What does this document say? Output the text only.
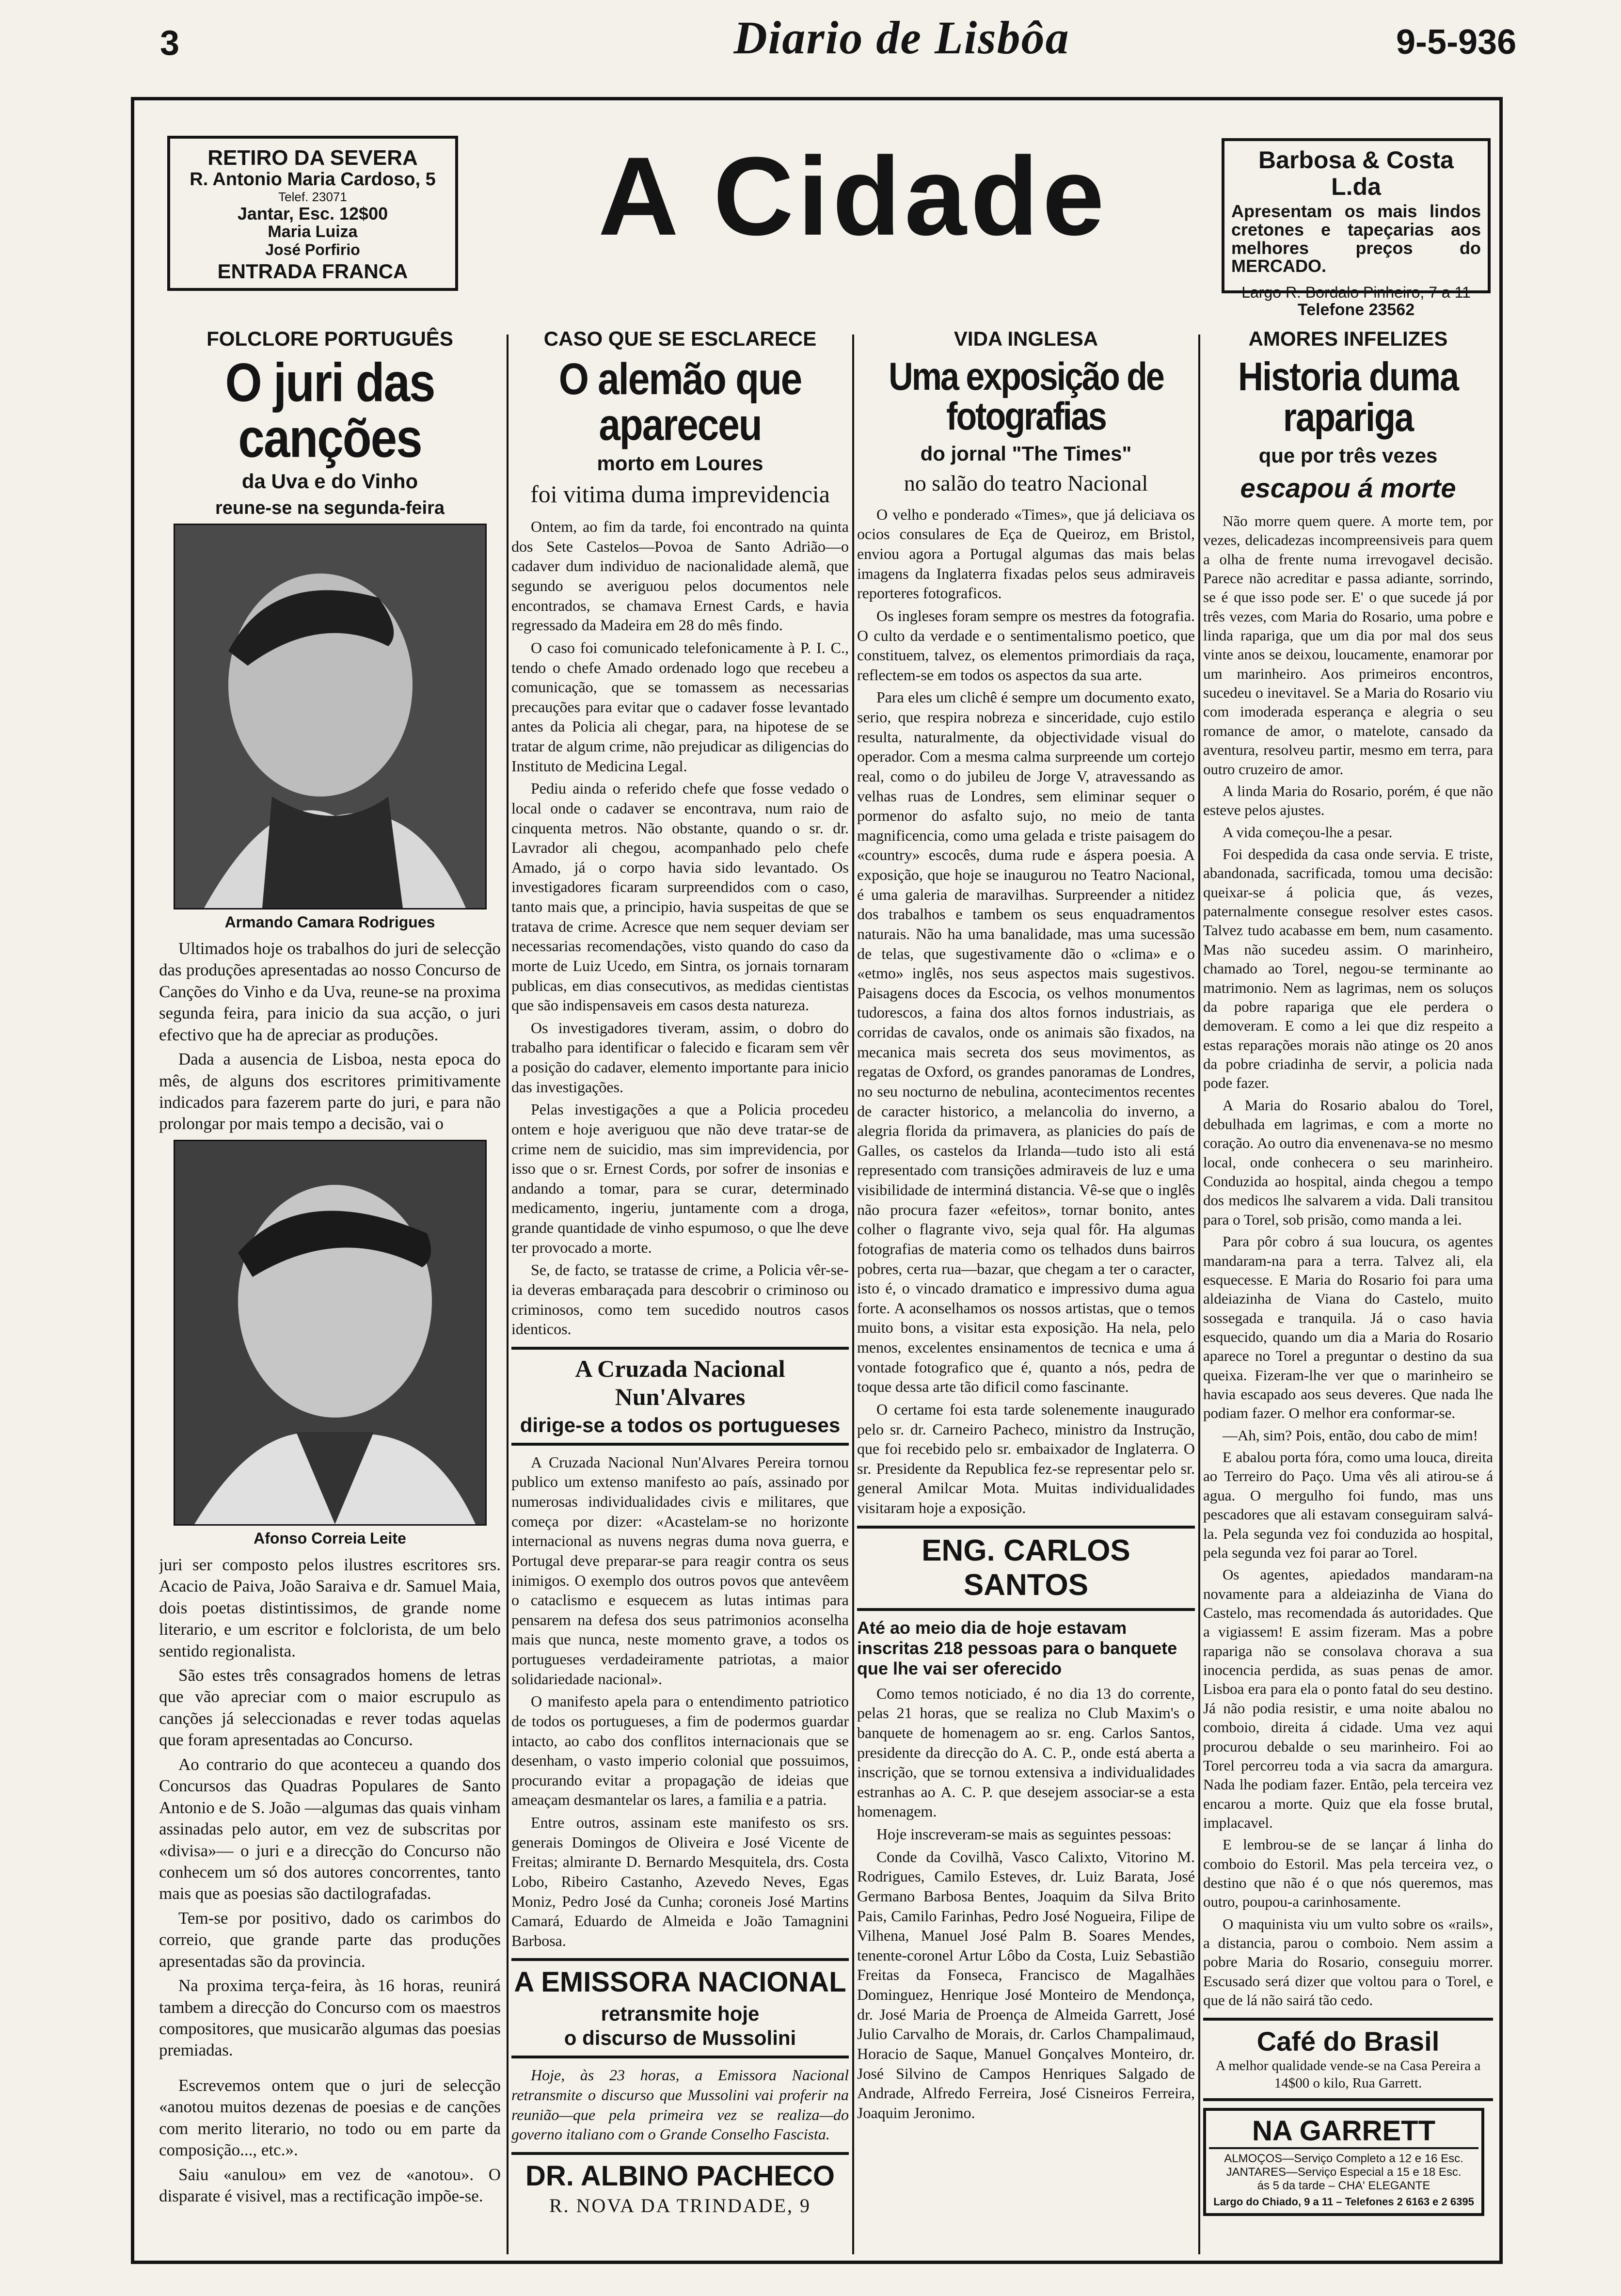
3	Diario de Lisbôa	9-5-936
RETIRO DA SEVERA
R. Antonio Maria Cardoso, 5
Telef. 23071
Jantar, Esc. 12$00
Maria Luiza
José Porfirio
ENTRADA FRANCA
A Cidade	Barbosa & Costa L.da
Apresentam os mais lindos cretones e tapeçarias aos melhores preços do MERCADO.
Largo R. Bordalo Pinheiro, 7 a 11
Telefone 23562
FOLCLORE PORTUGUÊS
O juri das canções
da Uva e do Vinho
reune-se na segunda-feira
Armando Camara Rodrigues

Ultimados hoje os trabalhos do juri de selecção das produções apresentadas ao nosso Concurso de Canções do Vinho e da Uva, reune-se na proxima segunda feira, para inicio da sua acção, o juri efectivo que ha de apreciar as produções.

Dada a ausencia de Lisboa, nesta epoca do mês, de alguns dos escritores primitivamente indicados para fazerem parte do juri, e para não prolongar por mais tempo a decisão, vai o

Afonso Correia Leite

juri ser composto pelos ilustres escritores srs. Acacio de Paiva, João Saraiva e dr. Samuel Maia, dois poetas distintissimos, de grande nome literario, e um escritor e folclorista, de um belo sentido regionalista.

São estes três consagrados homens de letras que vão apreciar com o maior escrupulo as canções já seleccionadas e rever todas aquelas que foram apresentadas ao Concurso.

Ao contrario do que aconteceu a quando dos Concursos das Quadras Populares de Santo Antonio e de S. João —algumas das quais vinham assinadas pelo autor, em vez de subscritas por «divisa»— o juri e a direcção do Concurso não conhecem um só dos autores concorrentes, tanto mais que as poesias são dactilografadas.

Tem-se por positivo, dado os carimbos do correio, que grande parte das produções apresentadas são da provincia.

Na proxima terça-feira, às 16 horas, reunirá tambem a direcção do Concurso com os maestros compositores, que musicarão algumas das poesias premiadas.

Escrevemos ontem que o juri de selecção «anotou muitos dezenas de poesias e de canções com merito literario, no todo ou em parte da composição..., etc.».

Saiu «anulou» em vez de «anotou». O disparate é visivel, mas a rectificação impõe-se.

CASO QUE SE ESCLARECE
O alemão que apareceu
morto em Loures
foi vitima duma imprevidencia

Ontem, ao fim da tarde, foi encontrado na quinta dos Sete Castelos—Povoa de Santo Adrião—o cadaver dum individuo de nacionalidade alemã, que segundo se averiguou pelos documentos nele encontrados, se chamava Ernest Cards, e havia regressado da Madeira em 28 do mês findo.

O caso foi comunicado telefonicamente à P. I. C., tendo o chefe Amado ordenado logo que recebeu a comunicação, que se tomassem as necessarias precauções para evitar que o cadaver fosse levantado antes da Policia ali chegar, para, na hipotese de se tratar de algum crime, não prejudicar as diligencias do Instituto de Medicina Legal.

Pediu ainda o referido chefe que fosse vedado o local onde o cadaver se encontrava, num raio de cinquenta metros. Não obstante, quando o sr. dr. Lavrador ali chegou, acompanhado pelo chefe Amado, já o corpo havia sido levantado. Os investigadores ficaram surpreendidos com o caso, tanto mais que, a principio, havia suspeitas de que se tratava de crime. Acresce que nem sequer deviam ser necessarias recomendações, visto quando do caso da morte de Luiz Ucedo, em Sintra, os jornais tornaram publicas, em dias consecutivos, as medidas cientistas que são indispensaveis em casos desta natureza.

Os investigadores tiveram, assim, o dobro do trabalho para identificar o falecido e ficaram sem vêr a posição do cadaver, elemento importante para inicio das investigações.

Pelas investigações a que a Policia procedeu ontem e hoje averiguou que não deve tratar-se de crime nem de suicidio, mas sim imprevidencia, por isso que o sr. Ernest Cords, por sofrer de insonias e andando a tomar, para se curar, determinado medicamento, ingeriu, juntamente com a droga, grande quantidade de vinho espumoso, o que lhe deve ter provocado a morte.

Se, de facto, se tratasse de crime, a Policia vêr-se-ia deveras embaraçada para descobrir o criminoso ou criminosos, como tem sucedido noutros casos identicos.

A Cruzada Nacional Nun'Alvares
dirige-se a todos os portugueses

A Cruzada Nacional Nun'Alvares Pereira tornou publico um extenso manifesto ao país, assinado por numerosas individualidades civis e militares, que começa por dizer: «Acastelam-se no horizonte internacional as nuvens negras duma nova guerra, e Portugal deve preparar-se para reagir contra os seus inimigos. O exemplo dos outros povos que antevêem o cataclismo e esquecem as lutas intimas para pensarem na defesa dos seus patrimonios aconselha mais que nunca, neste momento grave, a todos os portugueses verdadeiramente patriotas, a maior solidariedade nacional».

O manifesto apela para o entendimento patriotico de todos os portugueses, a fim de podermos guardar intacto, ao cabo dos conflitos internacionais que se desenham, o vasto imperio colonial que possuimos, procurando evitar a propagação de ideias que ameaçam desmantelar os lares, a familia e a patria.

Entre outros, assinam este manifesto os srs. generais Domingos de Oliveira e José Vicente de Freitas; almirante D. Bernardo Mesquitela, drs. Costa Lobo, Ribeiro Castanho, Azevedo Neves, Egas Moniz, Pedro José da Cunha; coroneis José Martins Camará, Eduardo de Almeida e João Tamagnini Barbosa.

A EMISSORA NACIONAL
retransmite hoje
o discurso de Mussolini

Hoje, às 23 horas, a Emissora Nacional retransmite o discurso que Mussolini vai proferir na reunião—que pela primeira vez se realiza—do governo italiano com o Grande Conselho Fascista.

DR. ALBINO PACHECO
R. NOVA DA TRINDADE, 9
VIDA INGLESA
Uma exposição de fotografias
do jornal "The Times"
no salão do teatro Nacional

O velho e ponderado «Times», que já deliciava os ocios consulares de Eça de Queiroz, em Bristol, enviou agora a Portugal algumas das mais belas imagens da Inglaterra fixadas pelos seus admiraveis reporteres fotograficos.

Os ingleses foram sempre os mestres da fotografia. O culto da verdade e o sentimentalismo poetico, que constituem, talvez, os elementos primordiais da raça, reflectem-se em todos os aspectos da sua arte.

Para eles um clichê é sempre um documento exato, serio, que respira nobreza e sinceridade, cujo estilo resulta, naturalmente, da objectividade visual do operador. Com a mesma calma surpreende um cortejo real, como o do jubileu de Jorge V, atravessando as velhas ruas de Londres, sem eliminar sequer o pormenor do asfalto sujo, no meio de tanta magnificencia, como uma gelada e triste paisagem do «country» escocês, duma rude e áspera poesia. A exposição, que hoje se inaugurou no Teatro Nacional, é uma galeria de maravilhas. Surpreender a nitidez dos trabalhos e tambem os seus enquadramentos naturais. Não ha uma banalidade, mas uma sucessão de telas, que sugestivamente dão o «clima» e o «etmo» inglês, nos seus aspectos mais sugestivos. Paisagens doces da Escocia, os velhos monumentos tudorescos, a faina dos altos fornos industriais, as corridas de cavalos, onde os animais são fixados, na mecanica mais secreta dos seus movimentos, as regatas de Oxford, os grandes panoramas de Londres, no seu nocturno de nebulina, acontecimentos recentes de caracter historico, a melancolia do inverno, a alegria florida da primavera, as planicies do país de Galles, os castelos da Irlanda—tudo isto ali está representado com transições admiraveis de luz e uma visibilidade de interminá distancia. Vê-se que o inglês não procura fazer «efeitos», tornar bonito, antes colher o flagrante vivo, seja qual fôr. Ha algumas fotografias de materia como os telhados duns bairros pobres, certa rua—bazar, que chegam a ter o caracter, isto é, o vincado dramatico e impressivo duma agua forte. A aconselhamos os nossos artistas, que o temos muito bons, a visitar esta exposição. Ha nela, pelo menos, excelentes ensinamentos de tecnica e uma á vontade fotografico que é, quanto a nós, pedra de toque dessa arte tão dificil como fascinante.

O certame foi esta tarde solenemente inaugurado pelo sr. dr. Carneiro Pacheco, ministro da Instrução, que foi recebido pelo sr. embaixador de Inglaterra. O sr. Presidente da Republica fez-se representar pelo sr. general Amilcar Mota. Muitas individualidades visitaram hoje a exposição.

ENG. CARLOS SANTOS
Até ao meio dia de hoje estavam inscritas 218 pessoas para o banquete que lhe vai ser oferecido

Como temos noticiado, é no dia 13 do corrente, pelas 21 horas, que se realiza no Club Maxim's o banquete de homenagem ao sr. eng. Carlos Santos, presidente da direcção do A. C. P., onde está aberta a inscrição, que se tornou extensiva a individualidades estranhas ao A. C. P. que desejem associar-se a esta homenagem.

Hoje inscreveram-se mais as seguintes pessoas:

Conde da Covilhã, Vasco Calixto, Vitorino M. Rodrigues, Camilo Esteves, dr. Luiz Barata, José Germano Barbosa Bentes, Joaquim da Silva Brito Pais, Camilo Farinhas, Pedro José Nogueira, Filipe de Vilhena, Manuel José Palm B. Soares Mendes, tenente-coronel Artur Lôbo da Costa, Luiz Sebastião Freitas da Fonseca, Francisco de Magalhães Dominguez, Henrique José Monteiro de Mendonça, dr. José Maria de Proença de Almeida Garrett, José Julio Carvalho de Morais, dr. Carlos Champalimaud, Horacio de Saque, Manuel Gonçalves Monteiro, dr. José Silvino de Campos Henriques Salgado de Andrade, Alfredo Ferreira, José Cisneiros Ferreira, Joaquim Jeronimo.

AMORES INFELIZES
Historia duma rapariga
que por três vezes
escapou á morte

Não morre quem quere. A morte tem, por vezes, delicadezas incompreensiveis para quem a olha de frente numa irrevogavel decisão. Parece não acreditar e passa adiante, sorrindo, se é que isso pode ser. E' o que sucede já por três vezes, com Maria do Rosario, uma pobre e linda rapariga, que um dia por mal dos seus vinte anos se deixou, loucamente, enamorar por um marinheiro. Aos primeiros encontros, sucedeu o inevitavel. Se a Maria do Rosario viu com imoderada esperança e alegria o seu romance de amor, o matelote, cansado da aventura, resolveu partir, mesmo em terra, para outro cruzeiro de amor.

A linda Maria do Rosario, porém, é que não esteve pelos ajustes.

A vida começou-lhe a pesar.

Foi despedida da casa onde servia. E triste, abandonada, sacrificada, tomou uma decisão: queixar-se á policia que, ás vezes, paternalmente consegue resolver estes casos. Talvez tudo acabasse em bem, num casamento. Mas não sucedeu assim. O marinheiro, chamado ao Torel, negou-se terminante ao matrimonio. Nem as lagrimas, nem os soluços da pobre rapariga que ele perdera o demoveram. E como a lei que diz respeito a estas reparações morais não atinge os 20 anos da pobre criadinha de servir, a policia nada pode fazer.

A Maria do Rosario abalou do Torel, debulhada em lagrimas, e com a morte no coração. Ao outro dia envenenava-se no mesmo local, onde conhecera o seu marinheiro. Conduzida ao hospital, ainda chegou a tempo dos medicos lhe salvarem a vida. Dali transitou para o Torel, sob prisão, como manda a lei.

Para pôr cobro á sua loucura, os agentes mandaram-na para a terra. Talvez ali, ela esquecesse. E Maria do Rosario foi para uma aldeiazinha de Viana do Castelo, muito sossegada e tranquila. Já o caso havia esquecido, quando um dia a Maria do Rosario aparece no Torel a preguntar o destino da sua queixa. Fizeram-lhe ver que o marinheiro se havia escapado aos seus deveres. Que nada lhe podiam fazer. O melhor era conformar-se.

—Ah, sim? Pois, então, dou cabo de mim!

E abalou porta fóra, como uma louca, direita ao Terreiro do Paço. Uma vês ali atirou-se á agua. O mergulho foi fundo, mas uns pescadores que ali estavam conseguiram salvá-la. Pela segunda vez foi conduzida ao hospital, pela segunda vez foi parar ao Torel.

Os agentes, apiedados mandaram-na novamente para a aldeiazinha de Viana do Castelo, mas recomendada ás autoridades. Que a vigiassem! E assim fizeram. Mas a pobre rapariga não se consolava chorava a sua inocencia perdida, as suas penas de amor. Lisboa era para ela o ponto fatal do seu destino. Já não podia resistir, e uma noite abalou no comboio, direita á cidade. Uma vez aqui procurou debalde o seu marinheiro. Foi ao Torel percorreu toda a via sacra da amargura. Nada lhe podiam fazer. Então, pela terceira vez encarou a morte. Quiz que ela fosse brutal, implacavel.

E lembrou-se de se lançar á linha do comboio do Estoril. Mas pela terceira vez, o destino que não é o que nós queremos, mas outro, poupou-a carinhosamente.

O maquinista viu um vulto sobre os «rails», a distancia, parou o comboio. Nem assim a pobre Maria do Rosario, conseguiu morrer. Escusado será dizer que voltou para o Torel, e que de lá não sairá tão cedo.

Café do Brasil
A melhor qualidade vende-se na Casa Pereira a 14$00 o kilo, Rua Garrett.
NA GARRETT
ALMOÇOS—Serviço Completo a 12 e 16 Esc.
JANTARES—Serviço Especial a 15 e 18 Esc.
ás 5 da tarde – CHA' ELEGANTE
Largo do Chiado, 9 a 11 – Telefones 2 6163 e 2 6395
